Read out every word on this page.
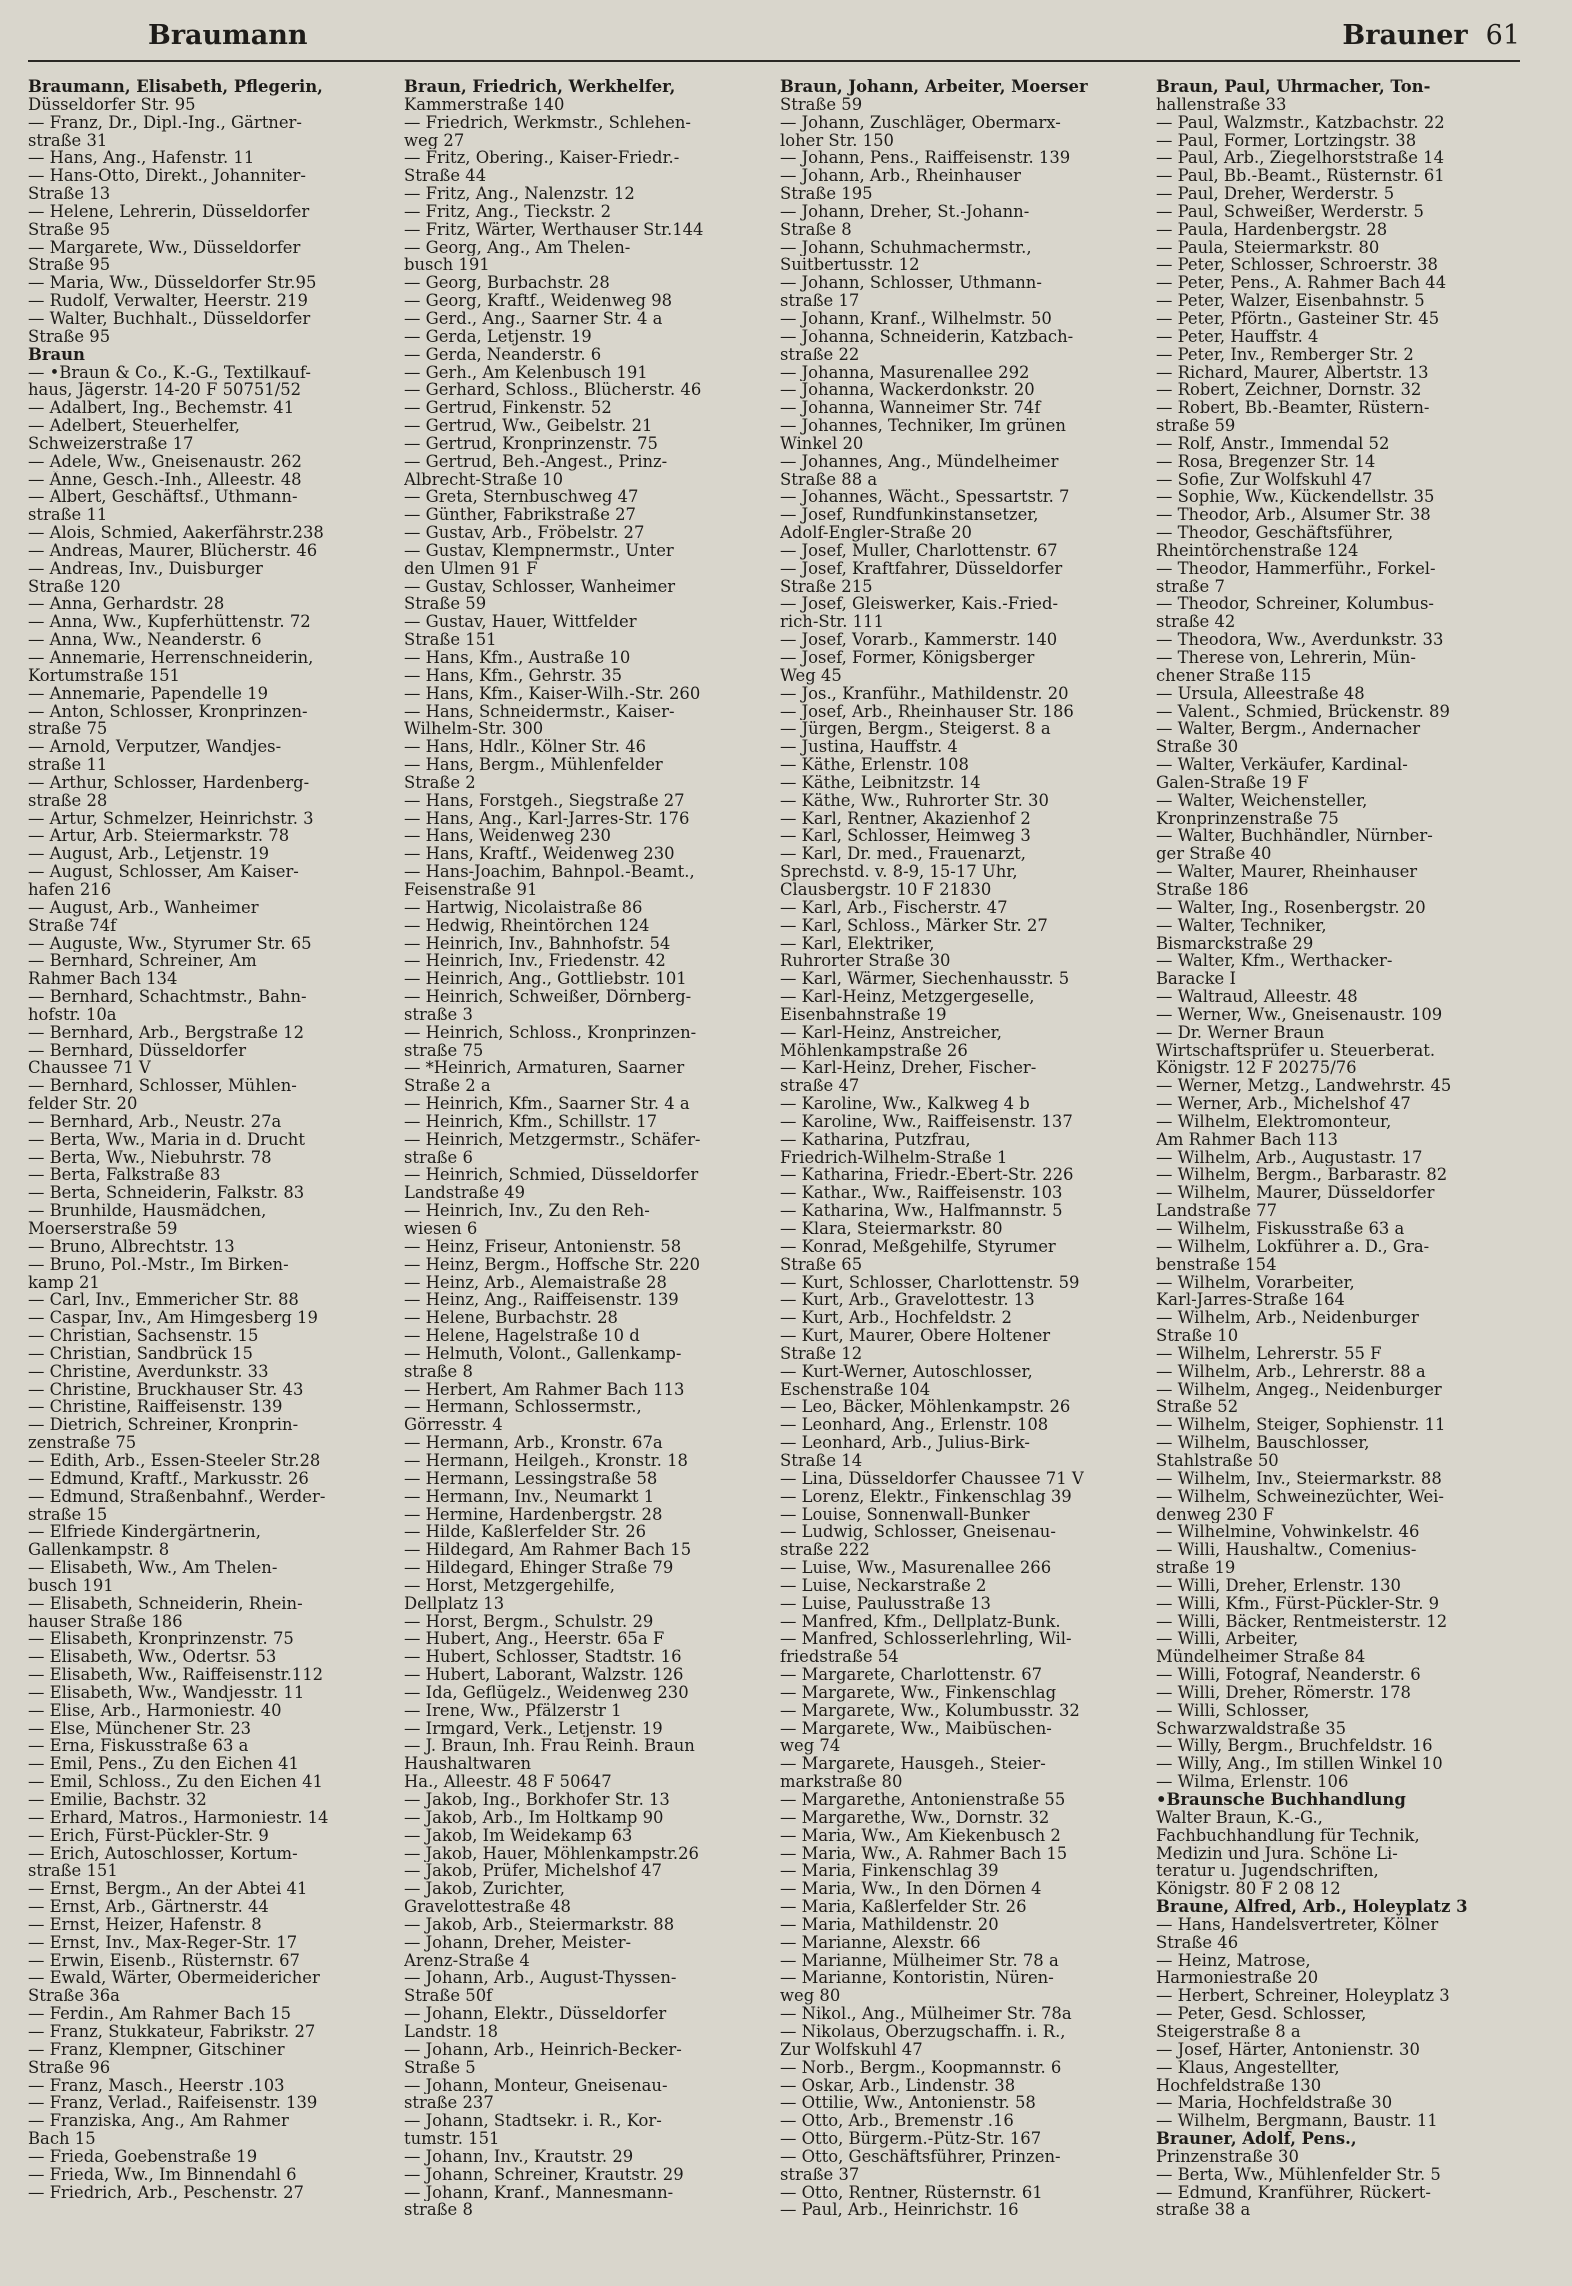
Braumann	Brauner 61
Braumann, Elisabeth, Pflegerin,
Düsseldorfer Str. 95
— Franz, Dr., Dipl.-Ing., Gärtner-
straße 31
— Hans, Ang., Hafenstr. 11
— Hans-Otto, Direkt., Johanniter-
Straße 13
— Helene, Lehrerin, Düsseldorfer
Straße 95
— Margarete, Ww., Düsseldorfer
Straße 95
— Maria, Ww., Düsseldorfer Str.95
— Rudolf, Verwalter, Heerstr. 219
— Walter, Buchhalt., Düsseldorfer
Straße 95
Braun
— •Braun & Co., K.-G., Textilkauf-
haus, Jägerstr. 14-20 F 50751/52
— Adalbert, Ing., Bechemstr. 41
— Adelbert, Steuerhelfer,
Schweizerstraße 17
— Adele, Ww., Gneisenaustr. 262
— Änne, Gesch.-Inh., Alleestr. 48
— Albert, Geschäftsf., Uthmann-
straße 11
— Alois, Schmied, Aakerfährstr.238
— Andreas, Maurer, Blücherstr. 46
— Andreas, Inv., Duisburger
Straße 120
— Anna, Gerhardstr. 28
— Anna, Ww., Kupferhüttenstr. 72
— Anna, Ww., Neanderstr. 6
— Annemarie, Herrenschneiderin,
Kortumstraße 151
— Annemarie, Papendelle 19
— Anton, Schlosser, Kronprinzen-
straße 75
— Arnold, Verputzer, Wandjes-
straße 11
— Arthur, Schlosser, Hardenberg-
straße 28
— Artur, Schmelzer, Heinrichstr. 3
— Artur, Arb. Steiermarkstr. 78
— August, Arb., Letjenstr. 19
— August, Schlosser, Am Kaiser-
hafen 216
— August, Arb., Wanheimer
Straße 74f
— Auguste, Ww., Styrumer Str. 65
— Bernhard, Schreiner, Am
Rahmer Bach 134
— Bernhard, Schachtmstr., Bahn-
hofstr. 10a
— Bernhard, Arb., Bergstraße 12
— Bernhard, Düsseldorfer
Chaussee 71 V
— Bernhard, Schlosser, Mühlen-
felder Str. 20
— Bernhard, Arb., Neustr. 27a
— Berta, Ww., Maria in d. Drucht
— Berta, Ww., Niebuhrstr. 78
— Berta, Falkstraße 83
— Berta, Schneiderin, Falkstr. 83
— Brunhilde, Hausmädchen,
Moerserstraße 59
— Bruno, Albrechtstr. 13
— Bruno, Pol.-Mstr., Im Birken-
kamp 21
— Carl, Inv., Emmericher Str. 88
— Caspar, Inv., Am Himgesberg 19
— Christian, Sachsenstr. 15
— Christian, Sandbrück 15
— Christine, Averdunkstr. 33
— Christine, Bruckhauser Str. 43
— Christine, Raiffeisenstr. 139
— Dietrich, Schreiner, Kronprin-
zenstraße 75
— Edith, Arb., Essen-Steeler Str.28
— Edmund, Kraftf., Markusstr. 26
— Edmund, Straßenbahnf., Werder-
straße 15
— Elfriede Kindergärtnerin,
Gallenkampstr. 8
— Elisabeth, Ww., Am Thelen-
busch 191
— Elisabeth, Schneiderin, Rhein-
hauser Straße 186
— Elisabeth, Kronprinzenstr. 75
— Elisabeth, Ww., Odertsr. 53
— Elisabeth, Ww., Raiffeisenstr.112
— Elisabeth, Ww., Wandjesstr. 11
— Elise, Arb., Harmoniestr. 40
— Else, Münchener Str. 23
— Erna, Fiskusstraße 63 a
— Emil, Pens., Zu den Eichen 41
— Emil, Schloss., Zu den Eichen 41
— Emilie, Bachstr. 32
— Erhard, Matros., Harmoniestr. 14
— Erich, Fürst-Pückler-Str. 9
— Erich, Autoschlosser, Kortum-
straße 151
— Ernst, Bergm., An der Abtei 41
— Ernst, Arb., Gärtnerstr. 44
— Ernst, Heizer, Hafenstr. 8
— Ernst, Inv., Max-Reger-Str. 17
— Erwin, Eisenb., Rüsternstr. 67
— Ewald, Wärter, Obermeidericher
Straße 36a
— Ferdin., Am Rahmer Bach 15
— Franz, Stukkateur, Fabrikstr. 27
— Franz, Klempner, Gitschiner
Straße 96
— Franz, Masch., Heerstr .103
— Franz, Verlad., Raifeisenstr. 139
— Franziska, Ang., Am Rahmer
Bach 15
— Frieda, Goebenstraße 19
— Frieda, Ww., Im Binnendahl 6
— Friedrich, Arb., Peschenstr. 27
Braun, Friedrich, Werkhelfer,
Kammerstraße 140
— Friedrich, Werkmstr., Schlehen-
weg 27
— Fritz, Obering., Kaiser-Friedr.-
Straße 44
— Fritz, Ang., Nalenzstr. 12
— Fritz, Ang., Tieckstr. 2
— Fritz, Wärter, Werthauser Str.144
— Georg, Ang., Am Thelen-
busch 191
— Georg, Burbachstr. 28
— Georg, Kraftf., Weidenweg 98
— Gerd., Ang., Saarner Str. 4 a
— Gerda, Letjenstr. 19
— Gerda, Neanderstr. 6
— Gerh., Am Kelenbusch 191
— Gerhard, Schloss., Blücherstr. 46
— Gertrud, Finkenstr. 52
— Gertrud, Ww., Geibelstr. 21
— Gertrud, Kronprinzenstr. 75
— Gertrud, Beh.-Angest., Prinz-
Albrecht-Straße 10
— Greta, Sternbuschweg 47
— Günther, Fabrikstraße 27
— Gustav, Arb., Fröbelstr. 27
— Gustav, Klempnermstr., Unter
den Ulmen 91 F
— Gustav, Schlosser, Wanheimer
Straße 59
— Gustav, Hauer, Wittfelder
Straße 151
— Hans, Kfm., Austraße 10
— Hans, Kfm., Gehrstr. 35
— Hans, Kfm., Kaiser-Wilh.-Str. 260
— Hans, Schneidermstr., Kaiser-
Wilhelm-Str. 300
— Hans, Hdlr., Kölner Str. 46
— Hans, Bergm., Mühlenfelder
Straße 2
— Hans, Forstgeh., Siegstraße 27
— Hans, Ang., Karl-Jarres-Str. 176
— Hans, Weidenweg 230
— Hans, Kraftf., Weidenweg 230
— Hans-Joachim, Bahnpol.-Beamt.,
Feisenstraße 91
— Hartwig, Nicolaistraße 86
— Hedwig, Rheintörchen 124
— Heinrich, Inv., Bahnhofstr. 54
— Heinrich, Inv., Friedenstr. 42
— Heinrich, Ang., Gottliebstr. 101
— Heinrich, Schweißer, Dörnberg-
straße 3
— Heinrich, Schloss., Kronprinzen-
straße 75
— *Heinrich, Armaturen, Saarner
Straße 2 a
— Heinrich, Kfm., Saarner Str. 4 a
— Heinrich, Kfm., Schillstr. 17
— Heinrich, Metzgermstr., Schäfer-
straße 6
— Heinrich, Schmied, Düsseldorfer
Landstraße 49
— Heinrich, Inv., Zu den Reh-
wiesen 6
— Heinz, Friseur, Antonienstr. 58
— Heinz, Bergm., Hoffsche Str. 220
— Heinz, Arb., Alemaistraße 28
— Heinz, Ang., Raiffeisenstr. 139
— Helene, Burbachstr. 28
— Helene, Hagelstraße 10 d
— Helmuth, Volont., Gallenkamp-
straße 8
— Herbert, Am Rahmer Bach 113
— Hermann, Schlossermstr.,
Görresstr. 4
— Hermann, Arb., Kronstr. 67a
— Hermann, Heilgeh., Kronstr. 18
— Hermann, Lessingstraße 58
— Hermann, Inv., Neumarkt 1
— Hermine, Hardenbergstr. 28
— Hilde, Kaßlerfelder Str. 26
— Hildegard, Am Rahmer Bach 15
— Hildegard, Ehinger Straße 79
— Horst, Metzgergehilfe,
Dellplatz 13
— Horst, Bergm., Schulstr. 29
— Hubert, Ang., Heerstr. 65a F
— Hubert, Schlosser, Stadtstr. 16
— Hubert, Laborant, Walzstr. 126
— Ida, Geflügelz., Weidenweg 230
— Irene, Ww., Pfälzerstr 1
— Irmgard, Verk., Letjenstr. 19
— J. Braun, Inh. Frau Reinh. Braun
Haushaltwaren
Ha., Alleestr. 48 F 50647
— Jakob, Ing., Borkhofer Str. 13
— Jakob, Arb., Im Holtkamp 90
— Jakob, Im Weidekamp 63
— Jakob, Hauer, Möhlenkampstr.26
— Jakob, Prüfer, Michelshof 47
— Jakob, Zurichter,
Gravelottestraße 48
— Jakob, Arb., Steiermarkstr. 88
— Johann, Dreher, Meister-
Arenz-Straße 4
— Johann, Arb., August-Thyssen-
Straße 50f
— Johann, Elektr., Düsseldorfer
Landstr. 18
— Johann, Arb., Heinrich-Becker-
Straße 5
— Johann, Monteur, Gneisenau-
straße 237
— Johann, Stadtsekr. i. R., Kor-
tumstr. 151
— Johann, Inv., Krautstr. 29
— Johann, Schreiner, Krautstr. 29
— Johann, Kranf., Mannesmann-
straße 8
Braun, Johann, Arbeiter, Moerser
Straße 59
— Johann, Zuschläger, Obermarx-
loher Str. 150
— Johann, Pens., Raiffeisenstr. 139
— Johann, Arb., Rheinhauser
Straße 195
— Johann, Dreher, St.-Johann-
Straße 8
— Johann, Schuhmachermstr.,
Suitbertusstr. 12
— Johann, Schlosser, Uthmann-
straße 17
— Johann, Kranf., Wilhelmstr. 50
— Johanna, Schneiderin, Katzbach-
straße 22
— Johanna, Masurenallee 292
— Johanna, Wackerdonkstr. 20
— Johanna, Wanneimer Str. 74f
— Johannes, Techniker, Im grünen
Winkel 20
— Johannes, Ang., Mündelheimer
Straße 88 a
— Johannes, Wächt., Spessartstr. 7
— Josef, Rundfunkinstansetzer,
Adolf-Engler-Straße 20
— Josef, Muller, Charlottenstr. 67
— Josef, Kraftfahrer, Düsseldorfer
Straße 215
— Josef, Gleiswerker, Kais.-Fried-
rich-Str. 111
— Josef, Vorarb., Kammerstr. 140
— Josef, Former, Königsberger
Weg 45
— Jos., Kranführ., Mathildenstr. 20
— Josef, Arb., Rheinhauser Str. 186
— Jürgen, Bergm., Steigerst. 8 a
— Justina, Hauffstr. 4
— Käthe, Erlenstr. 108
— Käthe, Leibnitzstr. 14
— Käthe, Ww., Ruhrorter Str. 30
— Karl, Rentner, Akazienhof 2
— Karl, Schlosser, Heimweg 3
— Karl, Dr. med., Frauenarzt,
Sprechstd. v. 8-9, 15-17 Uhr,
Clausbergstr. 10 F 21830
— Karl, Arb., Fischerstr. 47
— Karl, Schloss., Märker Str. 27
— Karl, Elektriker,
Ruhrorter Straße 30
— Karl, Wärmer, Siechenhausstr. 5
— Karl-Heinz, Metzgergeselle,
Eisenbahnstraße 19
— Karl-Heinz, Anstreicher,
Möhlenkampstraße 26
— Karl-Heinz, Dreher, Fischer-
straße 47
— Karoline, Ww., Kalkweg 4 b
— Karoline, Ww., Raiffeisenstr. 137
— Katharina, Putzfrau,
Friedrich-Wilhelm-Straße 1
— Katharina, Friedr.-Ebert-Str. 226
— Kathar., Ww., Raiffeisenstr. 103
— Katharina, Ww., Halfmannstr. 5
— Klara, Steiermarkstr. 80
— Konrad, Meßgehilfe, Styrumer
Straße 65
— Kurt, Schlosser, Charlottenstr. 59
— Kurt, Arb., Gravelottestr. 13
— Kurt, Arb., Hochfeldstr. 2
— Kurt, Maurer, Obere Holtener
Straße 12
— Kurt-Werner, Autoschlosser,
Eschenstraße 104
— Leo, Bäcker, Möhlenkampstr. 26
— Leonhard, Ang., Erlenstr. 108
— Leonhard, Arb., Julius-Birk-
Straße 14
— Lina, Düsseldorfer Chaussee 71 V
— Lorenz, Elektr., Finkenschlag 39
— Louise, Sonnenwall-Bunker
— Ludwig, Schlosser, Gneisenau-
straße 222
— Luise, Ww., Masurenallee 266
— Luise, Neckarstraße 2
— Luise, Paulusstraße 13
— Manfred, Kfm., Dellplatz-Bunk.
— Manfred, Schlosserlehrling, Wil-
friedstraße 54
— Margarete, Charlottenstr. 67
— Margarete, Ww., Finkenschlag
— Margarete, Ww., Kolumbusstr. 32
— Margarete, Ww., Maibüschen-
weg 74
— Margarete, Hausgeh., Steier-
markstraße 80
— Margarethe, Antonienstraße 55
— Margarethe, Ww., Dornstr. 32
— Maria, Ww., Am Kiekenbusch 2
— Maria, Ww., A. Rahmer Bach 15
— Maria, Finkenschlag 39
— Maria, Ww., In den Dörnen 4
— Maria, Kaßlerfelder Str. 26
— Maria, Mathildenstr. 20
— Marianne, Alexstr. 66
— Marianne, Mülheimer Str. 78 a
— Marianne, Kontoristin, Nüren-
weg 80
— Nikol., Ang., Mülheimer Str. 78a
— Nikolaus, Oberzugschaffn. i. R.,
Zur Wolfskuhl 47
— Norb., Bergm., Koopmannstr. 6
— Oskar, Arb., Lindenstr. 38
— Ottilie, Ww., Antonienstr. 58
— Otto, Arb., Bremenstr .16
— Otto, Bürgerm.-Pütz-Str. 167
— Otto, Geschäftsführer, Prinzen-
straße 37
— Otto, Rentner, Rüsternstr. 61
— Paul, Arb., Heinrichstr. 16
Braun, Paul, Uhrmacher, Ton-
hallenstraße 33
— Paul, Walzmstr., Katzbachstr. 22
— Paul, Former, Lortzingstr. 38
— Paul, Arb., Ziegelhorststraße 14
— Paul, Bb.-Beamt., Rüsternstr. 61
— Paul, Dreher, Werderstr. 5
— Paul, Schweißer, Werderstr. 5
— Paula, Hardenbergstr. 28
— Paula, Steiermarkstr. 80
— Peter, Schlosser, Schroerstr. 38
— Peter, Pens., A. Rahmer Bach 44
— Peter, Walzer, Eisenbahnstr. 5
— Peter, Pförtn., Gasteiner Str. 45
— Peter, Hauffstr. 4
— Peter, Inv., Remberger Str. 2
— Richard, Maurer, Albertstr. 13
— Robert, Zeichner, Dornstr. 32
— Robert, Bb.-Beamter, Rüstern-
straße 59
— Rolf, Anstr., Immendal 52
— Rosa, Bregenzer Str. 14
— Sofie, Zur Wolfskuhl 47
— Sophie, Ww., Kückendellstr. 35
— Theodor, Arb., Alsumer Str. 38
— Theodor, Geschäftsführer,
Rheintörchenstraße 124
— Theodor, Hammerführ., Forkel-
straße 7
— Theodor, Schreiner, Kolumbus-
straße 42
— Theodora, Ww., Averdunkstr. 33
— Therese von, Lehrerin, Mün-
chener Straße 115
— Ursula, Alleestraße 48
— Valent., Schmied, Brückenstr. 89
— Walter, Bergm., Andernacher
Straße 30
— Walter, Verkäufer, Kardinal-
Galen-Straße 19 F
— Walter, Weichensteller,
Kronprinzenstraße 75
— Walter, Buchhändler, Nürnber-
ger Straße 40
— Walter, Maurer, Rheinhauser
Straße 186
— Walter, Ing., Rosenbergstr. 20
— Walter, Techniker,
Bismarckstraße 29
— Walter, Kfm., Werthacker-
Baracke I
— Waltraud, Alleestr. 48
— Werner, Ww., Gneisenaustr. 109
— Dr. Werner Braun
Wirtschaftsprüfer u. Steuerberat.
Königstr. 12 F 20275/76
— Werner, Metzg., Landwehrstr. 45
— Werner, Arb., Michelshof 47
— Wilhelm, Elektromonteur,
Am Rahmer Bach 113
— Wilhelm, Arb., Augustastr. 17
— Wilhelm, Bergm., Barbarastr. 82
— Wilhelm, Maurer, Düsseldorfer
Landstraße 77
— Wilhelm, Fiskusstraße 63 a
— Wilhelm, Lokführer a. D., Gra-
benstraße 154
— Wilhelm, Vorarbeiter,
Karl-Jarres-Straße 164
— Wilhelm, Arb., Neidenburger
Straße 10
— Wilhelm, Lehrerstr. 55 F
— Wilhelm, Arb., Lehrerstr. 88 a
— Wilhelm, Angeg., Neidenburger
Straße 52
— Wilhelm, Steiger, Sophienstr. 11
— Wilhelm, Bauschlosser,
Stahlstraße 50
— Wilhelm, Inv., Steiermarkstr. 88
— Wilhelm, Schweinezüchter, Wei-
denweg 230 F
— Wilhelmine, Vohwinkelstr. 46
— Willi, Haushaltw., Comenius-
straße 19
— Willi, Dreher, Erlenstr. 130
— Willi, Kfm., Fürst-Pückler-Str. 9
— Willi, Bäcker, Rentmeisterstr. 12
— Willi, Arbeiter,
Mündelheimer Straße 84
— Willi, Fotograf, Neanderstr. 6
— Willi, Dreher, Römerstr. 178
— Willi, Schlosser,
Schwarzwaldstraße 35
— Willy, Bergm., Bruchfeldstr. 16
— Willy, Ang., Im stillen Winkel 10
— Wilma, Erlenstr. 106
•Braunsche Buchhandlung
Walter Braun, K.-G.,
Fachbuchhandlung für Technik,
Medizin und Jura. Schöne Li-
teratur u. Jugendschriften,
Königstr. 80 F 2 08 12
Braune, Alfred, Arb., Holeyplatz 3
— Hans, Handelsvertreter, Kölner
Straße 46
— Heinz, Matrose,
Harmoniestraße 20
— Herbert, Schreiner, Holeyplatz 3
— Peter, Gesd. Schlosser,
Steigerstraße 8 a
— Josef, Härter, Antonienstr. 30
— Klaus, Angestellter,
Hochfeldstraße 130
— Maria, Hochfeldstraße 30
— Wilhelm, Bergmann, Baustr. 11
Brauner, Adolf, Pens.,
Prinzenstraße 30
— Berta, Ww., Mühlenfelder Str. 5
— Edmund, Kranführer, Rückert-
straße 38 a
